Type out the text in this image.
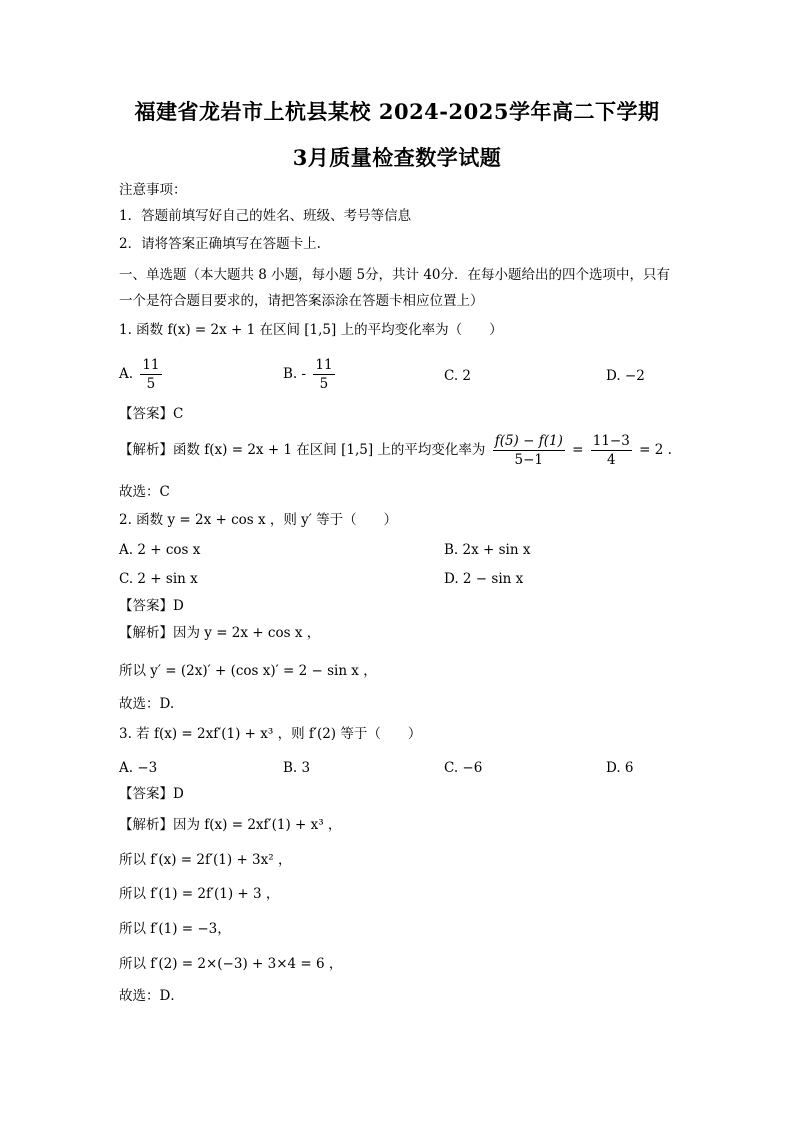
福建省龙岩市上杭县某校 2024-2025学年高二下学期
3月质量检查数学试题
注意事项：
1．答题前填写好自己的姓名、班级、考号等信息
2．请将答案正确填写在答题卡上.
一、单选题（本大题共 8 小题，每小题 5分，共计 40分．在每小题给出的四个选项中，只有一个是符合题目要求的，请把答案添涂在答题卡相应位置上）
1. 函数 f(x) = 2x + 1 在区间 [1,5] 上的平均变化率为（　　）
A. $\frac{11}{5}$	B. - $\frac{11}{5}$	C. 2	D. −2
【答案】C
【解析】函数 f(x) = 2x + 1 在区间 [1,5] 上的平均变化率为 $\frac{f(5) - f(1)}{5-1} = \frac{11-3}{4} = 2$ .
故选：C
2. 函数 y = 2x + cos x ，则 y′ 等于（　　）
A. 2 + cos x	B. 2x + sin x
C. 2 + sin x	D. 2 − sin x
【答案】D
【解析】因为 y = 2x + cos x ，
所以 y′ = (2x)′ + (cos x)′ = 2 − sin x ，
故选：D.
3. 若 f(x) = 2xf′(1) + x³ ，则 f′(2) 等于（　　）
A. −3	B. 3	C. −6	D. 6
【答案】D
【解析】因为 f(x) = 2xf′(1) + x³ ，
所以 f′(x) = 2f′(1) + 3x² ，
所以 f′(1) = 2f′(1) + 3 ，
所以 f′(1) = −3，
所以 f′(2) = 2×(−3) + 3×4 = 6 ，
故选：D．
